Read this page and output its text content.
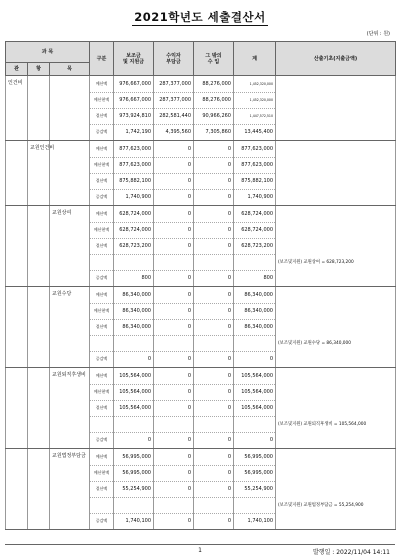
2021학년도 세출결산서
(단위 : 원)
과 목			구분	보조금
및 지원금	수익자
부담금	그 밖의
수 입	계	산출기초(지출금액)
관	항	목						
인건비			예산액	976,667,000	287,377,000	88,276,000	1,452,320,000	
			예산현액	976,667,000	287,377,000	88,276,000	1,452,320,000	
			결산액	973,924,810	282,581,440	90,966,260	1,447,572,510	
			증감액	1,742,190	4,395,560	7,305,860	13,445,400	
	교원인건비		예산액	877,623,000	0	0	877,623,000	
			예산현액	877,623,000	0	0	877,623,000	
			결산액	875,882,100	0	0	875,882,100	
			증감액	1,740,900	0	0	1,740,900	
		교원상여	예산액	628,724,000	0	0	628,724,000	
			예산현액	628,724,000	0	0	628,724,000	
			결산액	628,723,200	0	0	628,723,200	
								(보조및지원) 교원상여 = 628,723,200
			증감액	800	0	0	800	
		교원수당	예산액	86,340,000	0	0	86,340,000	
			예산현액	86,340,000	0	0	86,340,000	
			결산액	86,340,000	0	0	86,340,000	
								(보조및지원) 교원수당 = 86,340,000
			증감액	0	0	0	0	
		교원퇴직후생비	예산액	105,564,000	0	0	105,564,000	
			예산현액	105,564,000	0	0	105,564,000	
			결산액	105,564,000	0	0	105,564,000	
								(보조및지원) 교원퇴직후생비 = 105,564,000
			증감액	0	0	0	0	
		교원법정부담금	예산액	56,995,000	0	0	56,995,000	
			예산현액	56,995,000	0	0	56,995,000	
			결산액	55,254,900	0	0	55,254,900	
								(보조및지원) 교원법정부담금 = 55,254,900
			증감액	1,740,100	0	0	1,740,100	
1	발행일 : 2022/11/04 14:11
